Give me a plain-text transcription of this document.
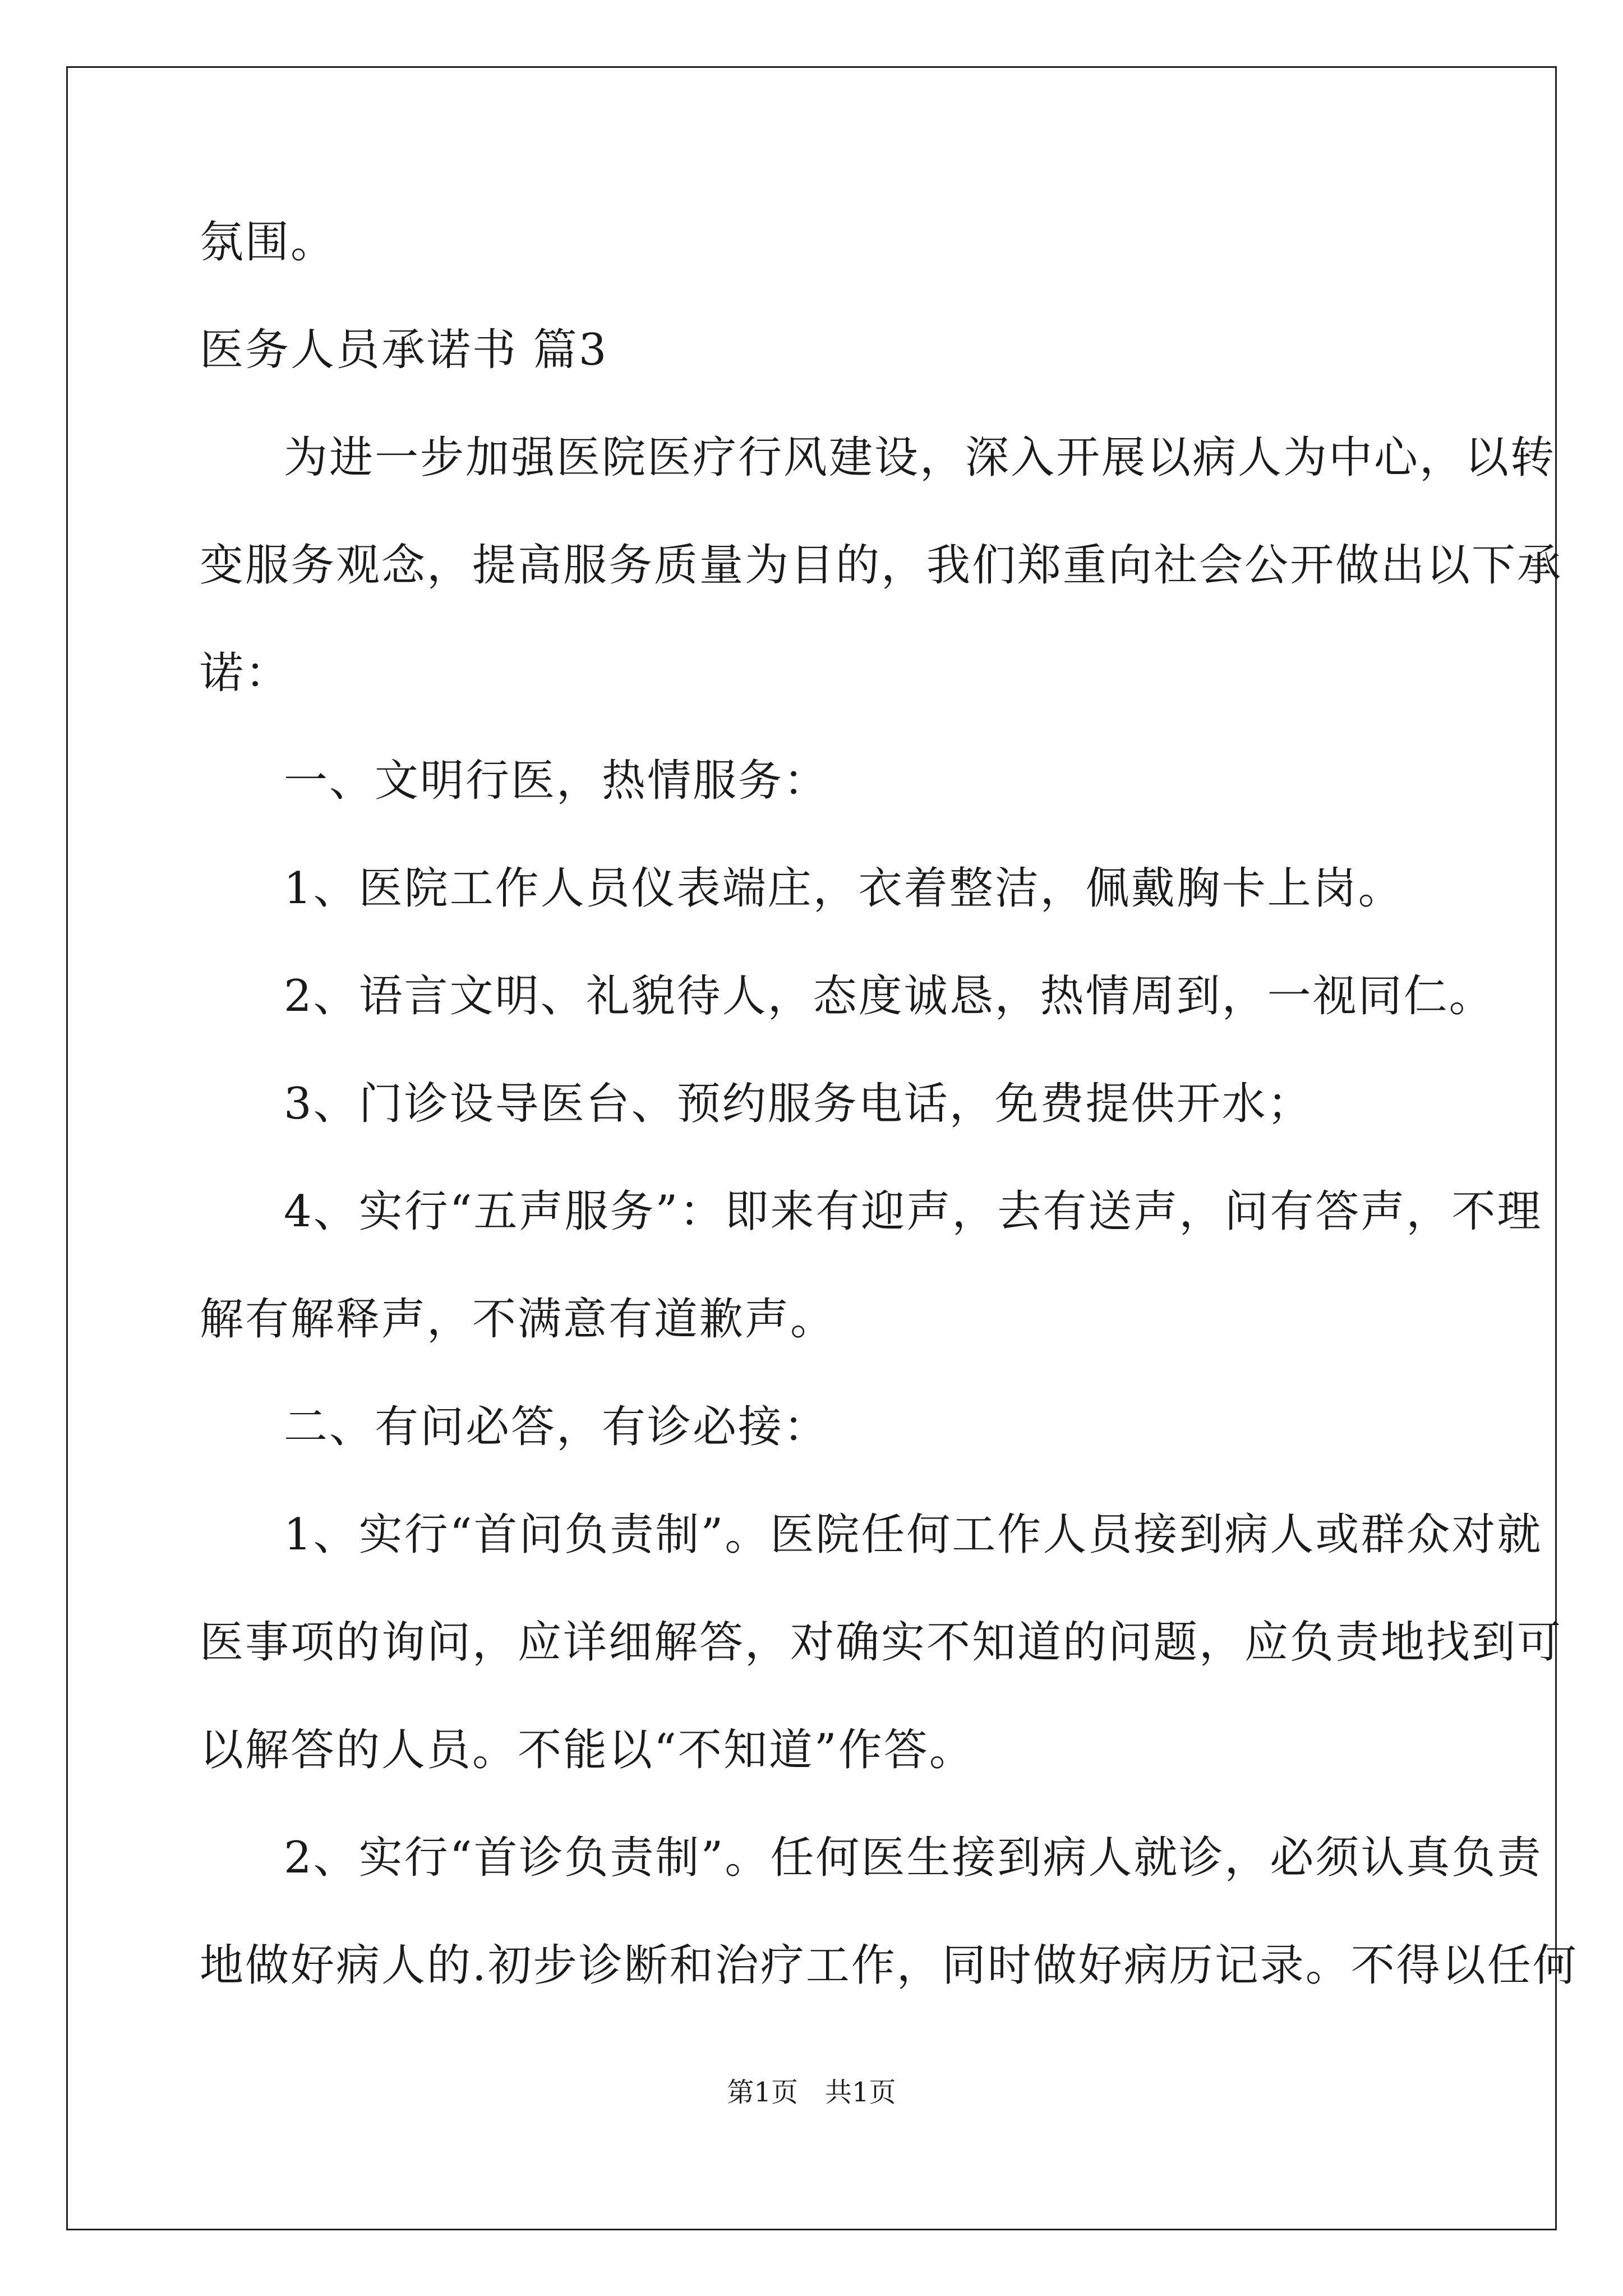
氛围。
医务人员承诺书 篇3
为进一步加强医院医疗行风建设，深入开展以病人为中心，以转
变服务观念，提高服务质量为目的，我们郑重向社会公开做出以下承
诺：
一、文明行医，热情服务：
1、医院工作人员仪表端庄，衣着整洁，佩戴胸卡上岗。
2、语言文明、礼貌待人，态度诚恳，热情周到，一视同仁。
3、门诊设导医台、预约服务电话，免费提供开水；
4、实行“五声服务”：即来有迎声，去有送声，问有答声，不理
解有解释声，不满意有道歉声。
二、有问必答，有诊必接：
1、实行“首问负责制”。医院任何工作人员接到病人或群众对就
医事项的询问，应详细解答，对确实不知道的问题，应负责地找到可
以解答的人员。不能以“不知道”作答。
2、实行“首诊负责制”。任何医生接到病人就诊，必须认真负责
地做好病人的.初步诊断和治疗工作，同时做好病历记录。不得以任何
第1页 共1页
